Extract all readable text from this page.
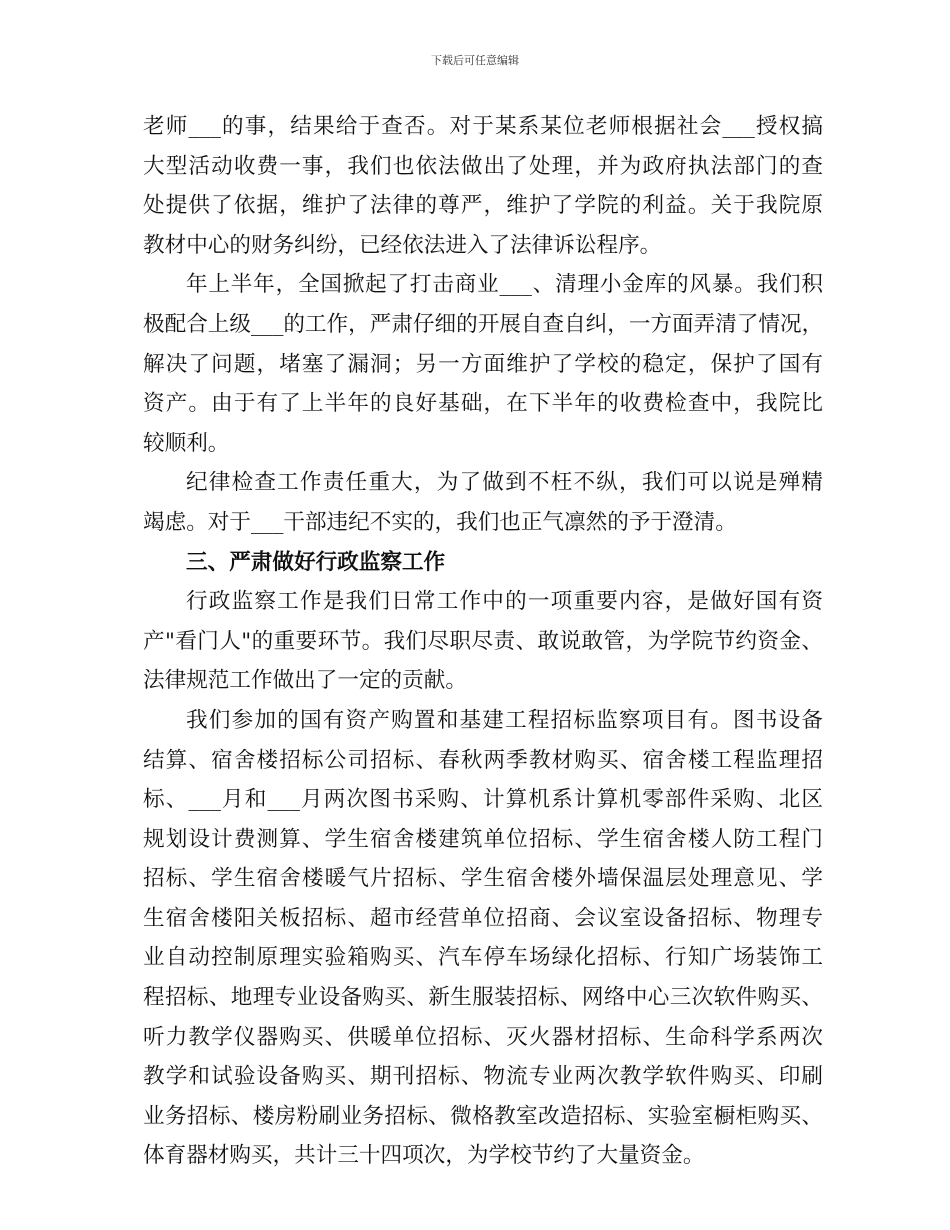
下载后可任意编辑
老师___的事，结果给于查否。对于某系某位老师根据社会___授权搞
大型活动收费一事，我们也依法做出了处理，并为政府执法部门的查
处提供了依据，维护了法律的尊严，维护了学院的利益。关于我院原
教材中心的财务纠纷，已经依法进入了法律诉讼程序。
年上半年，全国掀起了打击商业___、清理小金库的风暴。我们积
极配合上级___的工作，严肃仔细的开展自查自纠，一方面弄清了情况，
解决了问题，堵塞了漏洞；另一方面维护了学校的稳定，保护了国有
资产。由于有了上半年的良好基础，在下半年的收费检查中，我院比
较顺利。
纪律检查工作责任重大，为了做到不枉不纵，我们可以说是殚精
竭虑。对于___干部违纪不实的，我们也正气凛然的予于澄清。
三、严肃做好行政监察工作
行政监察工作是我们日常工作中的一项重要内容，是做好国有资
产"看门人"的重要环节。我们尽职尽责、敢说敢管，为学院节约资金、
法律规范工作做出了一定的贡献。
我们参加的国有资产购置和基建工程招标监察项目有。图书设备
结算、宿舍楼招标公司招标、春秋两季教材购买、宿舍楼工程监理招
标、___月和___月两次图书采购、计算机系计算机零部件采购、北区
规划设计费测算、学生宿舍楼建筑单位招标、学生宿舍楼人防工程门
招标、学生宿舍楼暖气片招标、学生宿舍楼外墙保温层处理意见、学
生宿舍楼阳关板招标、超市经营单位招商、会议室设备招标、物理专
业自动控制原理实验箱购买、汽车停车场绿化招标、行知广场装饰工
程招标、地理专业设备购买、新生服装招标、网络中心三次软件购买、
听力教学仪器购买、供暖单位招标、灭火器材招标、生命科学系两次
教学和试验设备购买、期刊招标、物流专业两次教学软件购买、印刷
业务招标、楼房粉刷业务招标、微格教室改造招标、实验室橱柜购买、
体育器材购买，共计三十四项次，为学校节约了大量资金。
